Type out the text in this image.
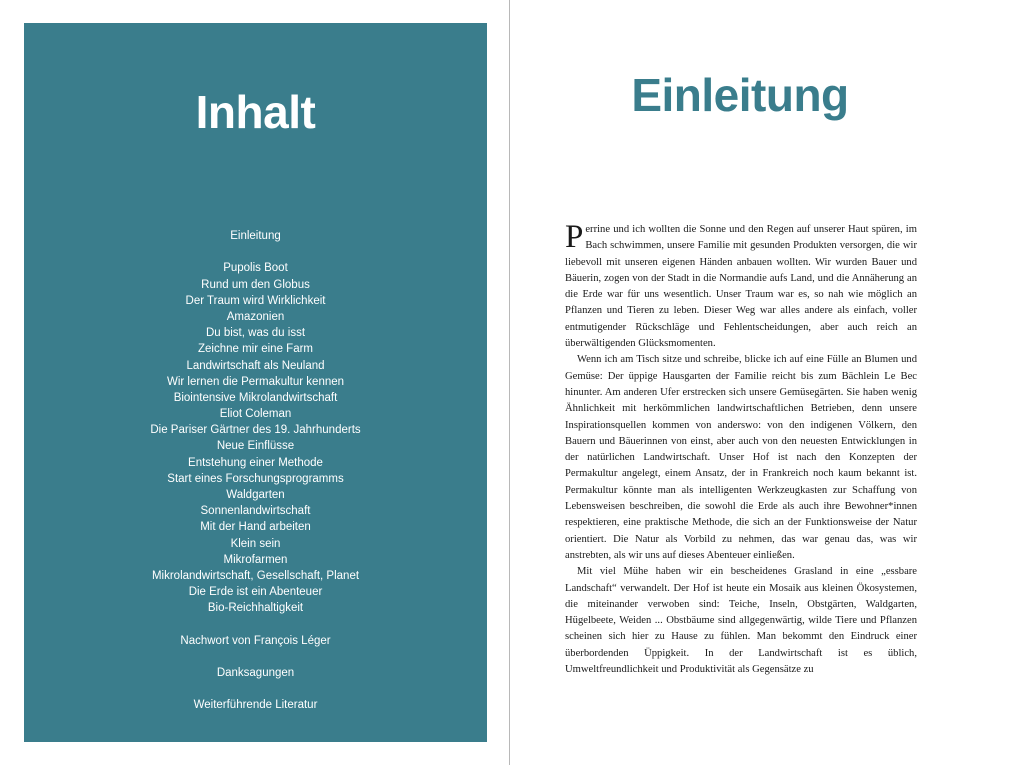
Inhalt
Einleitung
Pupolis Boot
Rund um den Globus
Der Traum wird Wirklichkeit
Amazonien
Du bist, was du isst
Zeichne mir eine Farm
Landwirtschaft als Neuland
Wir lernen die Permakultur kennen
Biointensive Mikrolandwirtschaft
Eliot Coleman
Die Pariser Gärtner des 19. Jahrhunderts
Neue Einflüsse
Entstehung einer Methode
Start eines Forschungsprogramms
Waldgarten
Sonnenlandwirtschaft
Mit der Hand arbeiten
Klein sein
Mikrofarmen
Mikrolandwirtschaft, Gesellschaft, Planet
Die Erde ist ein Abenteuer
Bio-Reichhaltigkeit
Nachwort von François Léger
Danksagungen
Weiterführende Literatur
Einleitung

Perrine und ich wollten die Sonne und den Regen auf unserer Haut spüren, im Bach schwimmen, unsere Familie mit gesunden Produkten versorgen, die wir liebevoll mit unseren eigenen Händen anbauen wollten. Wir wurden Bauer und Bäuerin, zogen von der Stadt in die Normandie aufs Land, und die Annäherung an die Erde war für uns wesentlich. Unser Traum war es, so nah wie möglich an Pflanzen und Tieren zu leben. Dieser Weg war alles andere als einfach, voller entmutigender Rückschläge und Fehlentscheidungen, aber auch reich an überwältigenden Glücksmomenten.

Wenn ich am Tisch sitze und schreibe, blicke ich auf eine Fülle an Blumen und Gemüse: Der üppige Hausgarten der Familie reicht bis zum Bächlein Le Bec hinunter. Am anderen Ufer erstrecken sich unsere Gemüsegärten. Sie haben wenig Ähnlichkeit mit herkömmlichen landwirtschaftlichen Betrieben, denn unsere Inspirationsquellen kommen von anderswo: von den indigenen Völkern, den Bauern und Bäuerinnen von einst, aber auch von den neuesten Entwicklungen in der natürlichen Landwirtschaft. Unser Hof ist nach den Konzepten der Permakultur angelegt, einem Ansatz, der in Frankreich noch kaum bekannt ist. Permakultur könnte man als intelligenten Werkzeugkasten zur Schaffung von Lebensweisen beschreiben, die sowohl die Erde als auch ihre Bewohner*innen respektieren, eine praktische Methode, die sich an der Funktionsweise der Natur orientiert. Die Natur als Vorbild zu nehmen, das war genau das, was wir anstrebten, als wir uns auf dieses Abenteuer einließen.

Mit viel Mühe haben wir ein bescheidenes Grasland in eine „essbare Landschaft“ verwandelt. Der Hof ist heute ein Mosaik aus kleinen Ökosystemen, die miteinander verwoben sind: Teiche, Inseln, Obstgärten, Waldgarten, Hügelbeete, Weiden ... Obstbäume sind allgegenwärtig, wilde Tiere und Pflanzen scheinen sich hier zu Hause zu fühlen. Man bekommt den Eindruck einer überbordenden Üppigkeit. In der Landwirtschaft ist es üblich, Umweltfreundlichkeit und Produktivität als Gegensätze zu
